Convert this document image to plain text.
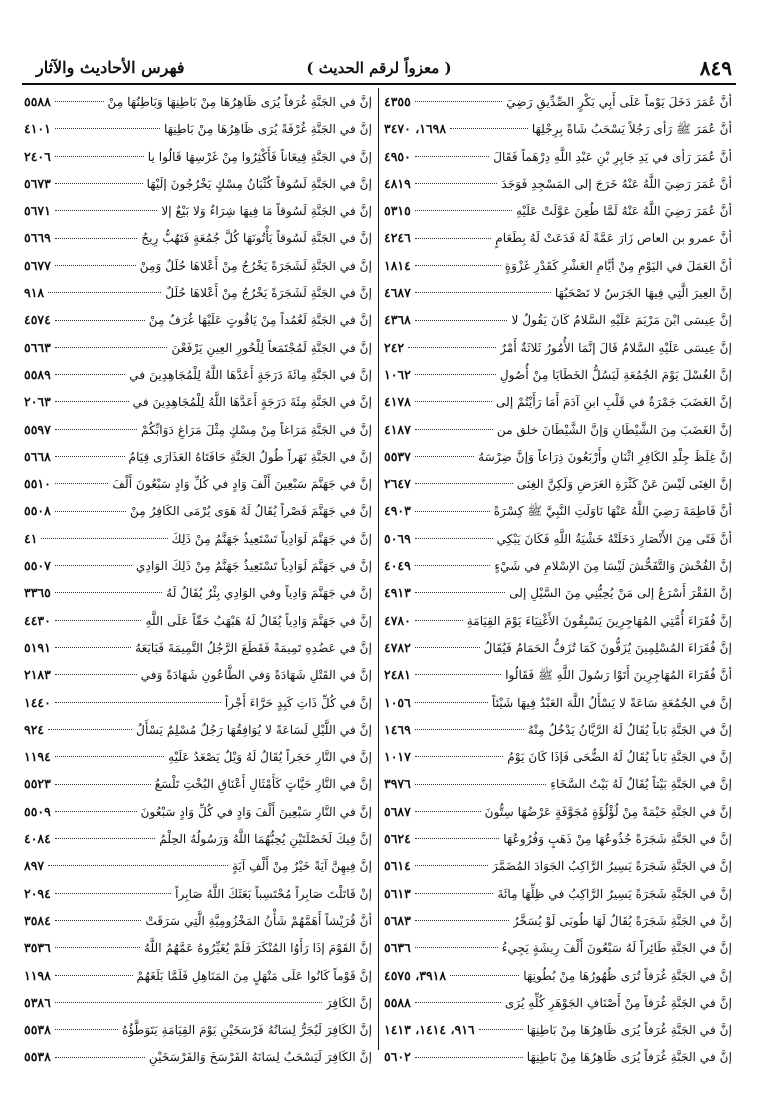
٨٤٩
( معزواً لرقم الحديث )
فهرس الأحاديث والآثار
أنَّ عُمَرَ دَخَلَ يَوْماً عَلَى أَبِي بَكْرٍ الصِّدِّيقِ رَضِيَ
٤٣٥٥
أنَّ عُمَرَ ﷺ رَأى رَجُلاً يَسْحَبُ شَاةً بِرِجْلِهَا
١٦٩٨، ٣٤٧٠
أنَّ عُمَرَ رَأى في يَدِ جَابِرِ بْنِ عَبْدِ اللَّهِ دِرْهَماً فَقَالَ
٤٩٥٠
أنَّ عُمَرَ رَضِيَ اللَّهُ عَنْهُ خَرَجَ إلى المَسْجِدِ فَوَجَدَ
٤٨١٩
أنَّ عُمَرَ رَضِيَ اللَّهُ عَنْهُ لَمَّا طُعِنَ عَوَّلَتْ عَلَيْهِ
٥٣١٥
أنَّ عمرو بن العاص زَارَ عَمَّةً لَهُ فَدَعَتْ لَهُ بِطَعَامٍ
٤٢٤٦
أنَّ العَمَلَ في اليَوْمِ مِنْ أيَّامِ العَشْرِ كَقَدْرِ غَزْوَةٍ
١٨١٤
إنَّ العِيرَ الَّتِي فِيهَا الجَرَسُ لا تَصْحَبُهَا
٤٦٨٧
إنَّ عِيسَى ابْنَ مَرْيَمَ عَلَيْهِ السَّلامُ كَانَ يَقُولُ لا
٤٣٦٨
إنَّ عِيسَى عَلَيْهِ السَّلامُ قَالَ إنَّمَا الأُمُورُ ثَلاثَةٌ أَمْرٌ
٢٤٢
إنَّ الغُسْلَ يَوْمَ الجُمُعَةِ لَيَسُلُّ الخَطَايَا مِنْ أُصُولِ
١٠٦٢
إنَّ الغَضَبَ جَمْرَةٌ في قَلْبِ ابنِ آدَمَ أَمَا رَأَيْتُمْ إلى
٤١٧٨
إنَّ الغَضَبَ مِنَ الشَّيْطَانِ وَإنَّ الشَّيْطَانَ خلق من
٤١٨٧
إنَّ غِلَظَ جِلْدِ الكَافِرِ اثْنَانِ وأَرْبَعُونَ ذِرَاعاً وَإنَّ ضِرْسَهُ
٥٥٣٧
إنَّ الغِنَى لَيْسَ عَنْ كَثْرَةِ العَرَضِ وَلَكِنَّ الغِنَى
٢٦٤٧
أنَّ فَاطِمَةَ رَضِيَ اللَّهُ عَنْهَا نَاوَلَتِ النَّبِيَّ ﷺ كِسْرَةً
٤٩٠٣
أنَّ فَتًى مِنَ الأَنْصَارِ دَخَلَتْهُ خَشْيَةُ اللَّهِ فَكَانَ يَبْكِي
٥٠٦٩
إنَّ الفُحْشَ وَالتَّفَحُّشَ لَيْسَا مِنَ الإسْلامِ في شَيْءٍ
٤٠٤٩
إنَّ الفَقْرَ أَسْرَعُ إلى مَنْ يُحِبُّنِي مِنَ السَّيْلِ إلى
٤٩١٣
إنَّ فُقَرَاءَ أُمَّتِي المُهَاجِرِينَ يَسْبِقُونَ الأَغْنِيَاءَ يَوْمَ القِيَامَةِ
٤٧٨٠
إنَّ فُقَرَاءَ المُسْلِمِينَ يُزَفُّونَ كَمَا تُزَفُّ الحَمَامُ فَيُقَالُ
٤٧٨٢
أنَّ فُقَرَاءَ المُهَاجِرِينَ أَتَوْا رَسُولَ اللَّهِ ﷺ فَقَالُوا
٢٤٨١
إنَّ في الجُمُعَةِ سَاعَةً لا يَسْأَلُ اللَّهَ العَبْدُ فِيهَا شَيْئاً
١٠٥٦
إنَّ في الجَنَّةِ بَاباً يُقَالُ لَهُ الرَّيَّانُ يَدْخُلُ مِنْهُ
١٤٦٩
إنَّ في الجَنَّةِ بَاباً يُقَالُ لَهُ الضُّحَى فَإذَا كَانَ يَوْمُ
١٠١٧
إنَّ في الجَنَّةِ بَيْتاً يُقَالُ لَهُ بَيْتُ السَّخَاءِ
٣٩٧٦
إنَّ في الجَنَّةِ خَيْمَةً مِنْ لُؤْلُؤَةٍ مُجَوَّفَةٍ عَرْضُهَا سِتُّونَ
٥٦٨٧
إنَّ في الجَنَّةِ شَجَرَةً جُذُوعُهَا مِنْ ذَهَبٍ وَفُرُوعُهَا
٥٦٢٤
إنَّ في الجَنَّةِ شَجَرَةً يَسِيرُ الرَّاكِبُ الجَوَادَ المُضَمَّرَ
٥٦١٤
إنَّ في الجَنَّةِ شَجَرَةً يَسِيرُ الرَّاكِبُ في ظِلِّهَا مِائَةَ
٥٦١٣
إنَّ في الجَنَّةِ شَجَرَةً يُقَالُ لَهَا طُوبَى لَوْ يُسَخَّرُ
٥٦٨٣
إنَّ في الجَنَّةِ طَائِراً لَهُ سَبْعُونَ أَلْفَ رِيشَةٍ يَجِيءُ
٥٦٣٦
إنَّ في الجَنَّةِ غُرَفاً تُرَى ظُهُورُهَا مِنْ بُطُونِهَا
٣٩١٨، ٤٥٧٥
إنَّ في الجَنَّةِ غُرَفاً مِنْ أَصْنَافِ الجَوْهَرِ كُلِّهِ يُرَى
٥٥٨٨
إنَّ في الجَنَّةِ غُرَفاً يُرَى ظَاهِرُهَا مِنْ بَاطِنِهَا
٩١٦، ١٤١٤، ١٤١٣
إنَّ في الجَنَّةِ غُرَفاً يُرَى ظَاهِرُهَا مِنْ بَاطِنِهَا
٥٦٠٢
إنَّ في الجَنَّةِ غُرَفاً يُرَى ظَاهِرُهَا مِنْ بَاطِنِهَا وَبَاطِنُهَا مِنْ
٥٥٨٨
إنَّ في الجَنَّةِ غُرْفَةً يُرَى ظَاهِرُهَا مِنْ بَاطِنِهَا
٤١٠١
إنَّ في الجَنَّةِ قِيعَاناً فَأَكْثِرُوا مِنْ غَرْسِهَا قَالُوا يا
٢٤٠٦
إنَّ في الجَنَّةِ لَسُوقاً كُثْبَانُ مِسْكٍ يَخْرُجُونَ إلَيْهَا
٥٦٧٣
إنَّ في الجَنَّةِ لَسُوقاً مَا فِيهَا شِرَاءٌ وَلا بَيْعٌ إلا
٥٦٧١
إنَّ في الجَنَّةِ لَسُوقاً يَأْتُونَهَا كُلَّ جُمُعَةٍ فَتَهُبُّ رِيحُ
٥٦٦٩
إنَّ في الجَنَّةِ لَشَجَرَةً يَخْرُجُ مِنْ أَعْلاهَا حُلَلٌ وَمِنْ
٥٦٧٧
إنَّ في الجَنَّةِ لَشَجَرَةً يَخْرُجُ مِنْ أَعْلاهَا حُلَلٌ
٩١٨
إنَّ في الجَنَّةِ لَعُمُداً مِنْ يَاقُوتٍ عَلَيْهَا غُرَفٌ مِنْ
٤٥٧٤
إنَّ في الجَنَّةِ لَمُجْتَمَعاً لِلْحُورِ العِينِ يَرْفَعْنَ
٥٦٦٣
إنَّ في الجَنَّةِ مِائَةَ دَرَجَةٍ أَعَدَّهَا اللَّهُ لِلْمُجَاهِدِينَ في
٥٥٨٩
إنَّ في الجَنَّةِ مِئَةَ دَرَجَةٍ أَعَدَّهَا اللَّهُ لِلْمُجَاهِدِينَ في
٢٠٦٣
إنَّ في الجَنَّةِ مَرَاغاً مِنْ مِسْكٍ مِثْلَ مَرَاغِ دَوَابِّكُمْ
٥٥٩٧
إنَّ في الجَنَّةِ نَهَراً طُولُ الجَنَّةِ حَافَتَاهُ العَذَارَى قِيَامٌ
٥٦٦٨
إنَّ في جَهَنَّمَ سَبْعِينَ أَلْفَ وَادٍ في كُلِّ وَادٍ سَبْعُونَ أَلْفَ
٥٥١٠
إنَّ في جَهَنَّمَ قَصْراً يُقَالُ لَهُ هَوَى يُرْمَى الكَافِرُ مِنْ
٥٥٠٨
إنَّ في جَهَنَّمَ لَوَادِياً تَسْتَعِيذُ جَهَنَّمُ مِنْ ذَلِكَ
٤١
إنَّ في جَهَنَّمَ لَوَادِياً تَسْتَعِيذُ جَهَنَّمُ مِنْ ذَلِكَ الوَادِي
٥٥٠٧
إنَّ في جَهَنَّمَ وَادِياً وفي الوَادِي بِئْرٌ يُقَالُ لَهُ
٣٣٦٥
إنَّ في جَهَنَّمَ وَادِياً يُقَالُ لَهُ هَبْهَبُ حَقّاً عَلَى اللَّهِ
٤٤٣٠
إنَّ في عَضُدِهِ تَمِيمَةً فَقَطَعَ الرَّجُلُ التَّمِيمَةَ فَبَايَعَهُ
٥١٩١
إنَّ في القَتْلِ شَهَادَةً وَفي الطَّاعُونِ شَهَادَةً وَفي
٢١٨٣
إنَّ في كُلِّ ذَاتِ كَبِدٍ حَرَّاءَ أَجْراً
١٤٤٠
إنَّ في اللَّيْلِ لَسَاعَةً لا يُوَافِقُهَا رَجُلٌ مُسْلِمٌ يَسْأَلُ
٩٢٤
إنَّ في النَّارِ حَجَراً يُقَالُ لَهُ وَيْلٌ يَصْعَدُ عَلَيْهِ
١١٩٤
إنَّ في النَّارِ حَيَّاتٍ كَأَمْثَالِ أَعْنَاقِ البُخْتِ تَلْسَعُ
٥٥٢٣
إنَّ في النَّارِ سَبْعِينَ أَلْفَ وَادٍ في كُلِّ وَادٍ سَبْعُونَ
٥٥٠٩
إنَّ فِيكَ لَخَصْلَتَيْنِ يُحِبُّهُمَا اللَّهُ وَرَسُولُهُ الحِلْمُ
٤٠٨٤
إنَّ فِيهِنَّ آيَةً خَيْرٌ مِنْ أَلْفِ آيَةٍ
٨٩٧
إنْ قَاتَلْتَ صَابِراً مُحْتَسِباً بَعَثَكَ اللَّهُ صَابِراً
٢٠٩٤
أنَّ قُرَيْشاً أَهَمَّهُمْ شَأْنُ المَخْزُومِيَّةِ الَّتِي سَرَقَتْ
٣٥٨٤
إنَّ القَوْمَ إذَا رَأَوُا المُنْكَرَ فَلَمْ يُغَيِّرُوهُ عَمَّهُمُ اللَّهُ
٣٥٣٦
إنَّ قَوْماً كَانُوا عَلَى مَنْهَلٍ مِنَ المَنَاهِلِ فَلَمَّا بَلَغَهُمْ
١١٩٨
إنَّ الكَافِرَ
٥٣٨٦
إنَّ الكَافِرَ لَيُجَرُّ لِسَانُهُ فَرْسَخَيْنِ يَوْمَ القِيَامَةِ يَتَوَطَّؤُهُ
٥٥٣٨
إنَّ الكَافِرَ لَيَسْحَبُ لِسَانَهُ الفَرْسَخَ وَالفَرْسَخَيْنِ
٥٥٣٨
